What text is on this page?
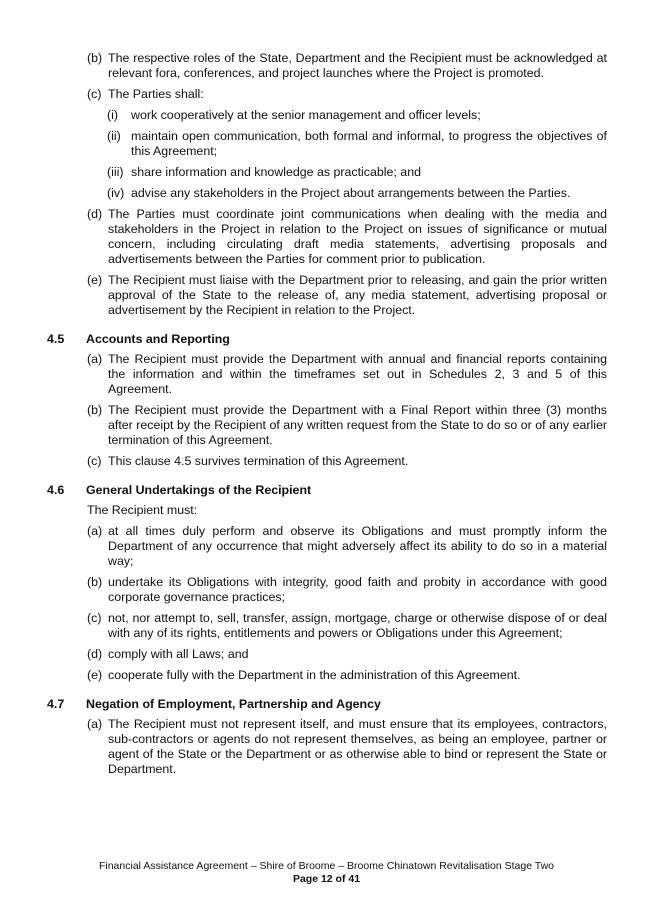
(b) The respective roles of the State, Department and the Recipient must be acknowledged at relevant fora, conferences, and project launches where the Project is promoted.
(c) The Parties shall:
(i) work cooperatively at the senior management and officer levels;
(ii) maintain open communication, both formal and informal, to progress the objectives of this Agreement;
(iii) share information and knowledge as practicable; and
(iv) advise any stakeholders in the Project about arrangements between the Parties.
(d) The Parties must coordinate joint communications when dealing with the media and stakeholders in the Project in relation to the Project on issues of significance or mutual concern, including circulating draft media statements, advertising proposals and advertisements between the Parties for comment prior to publication.
(e) The Recipient must liaise with the Department prior to releasing, and gain the prior written approval of the State to the release of, any media statement, advertising proposal or advertisement by the Recipient in relation to the Project.
4.5 Accounts and Reporting
(a) The Recipient must provide the Department with annual and financial reports containing the information and within the timeframes set out in Schedules 2, 3 and 5 of this Agreement.
(b) The Recipient must provide the Department with a Final Report within three (3) months after receipt by the Recipient of any written request from the State to do so or of any earlier termination of this Agreement.
(c) This clause 4.5 survives termination of this Agreement.
4.6 General Undertakings of the Recipient
The Recipient must:
(a) at all times duly perform and observe its Obligations and must promptly inform the Department of any occurrence that might adversely affect its ability to do so in a material way;
(b) undertake its Obligations with integrity, good faith and probity in accordance with good corporate governance practices;
(c) not, nor attempt to, sell, transfer, assign, mortgage, charge or otherwise dispose of or deal with any of its rights, entitlements and powers or Obligations under this Agreement;
(d) comply with all Laws; and
(e) cooperate fully with the Department in the administration of this Agreement.
4.7 Negation of Employment, Partnership and Agency
(a) The Recipient must not represent itself, and must ensure that its employees, contractors, sub-contractors or agents do not represent themselves, as being an employee, partner or agent of the State or the Department or as otherwise able to bind or represent the State or Department.
Financial Assistance Agreement – Shire of Broome – Broome Chinatown Revitalisation Stage Two
Page 12 of 41
